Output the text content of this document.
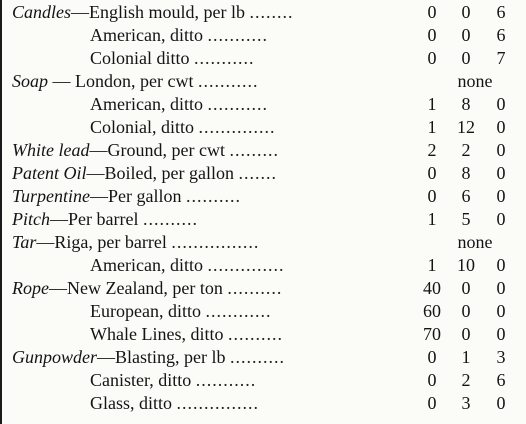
Candles—English mould, per lb ........	0	0	6
American, ditto ...........	0	0	6
Colonial ditto ...........	0	0	7
Soap — London, per cwt ...........	none
American, ditto ...........	1	8	0
Colonial, ditto ..............	1	12	0
White lead—Ground, per cwt .........	2	2	0
Patent Oil—Boiled, per gallon .......	0	8	0
Turpentine—Per gallon ..........	0	6	0
Pitch—Per barrel ..........	1	5	0
Tar—Riga, per barrel ................	none
American, ditto ..............	1	10	0
Rope—New Zealand, per ton ..........	40	0	0
European, ditto ............	60	0	0
Whale Lines, ditto ..........	70	0	0
Gunpowder—Blasting, per lb ..........	0	1	3
Canister, ditto ...........	0	2	6
Glass, ditto ...............	0	3	0
